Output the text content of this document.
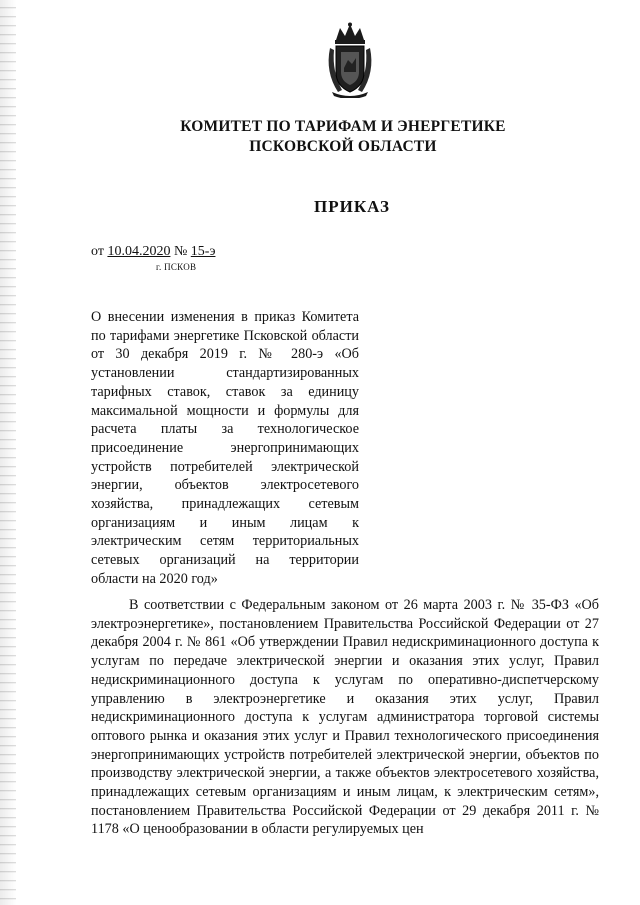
КОМИТЕТ ПО ТАРИФАМ И ЭНЕРГЕТИКЕ
ПСКОВСКОЙ ОБЛАСТИ
ПРИКАЗ
от 10.04.2020 № 15-э
г. ПСКОВ
О внесении изменения в приказ Комитета по тарифами энергетике Псковской области от 30 декабря 2019 г. № 280-э «Об установлении стандартизированных тарифных ставок, ставок за единицу максимальной мощности и формулы для расчета платы за технологическое присоединение энергопринимающих устройств потребителей электрической энергии, объектов электросетевого хозяйства, принадлежащих сетевым организациям и иным лицам к электрическим сетям территориальных сетевых организаций на территории области на 2020 год»
В соответствии с Федеральным законом от 26 марта 2003 г. № 35-ФЗ «Об электроэнергетике», постановлением Правительства Российской Федерации от 27 декабря 2004 г. № 861 «Об утверждении Правил недискриминационного доступа к услугам по передаче электрической энергии и оказания этих услуг, Правил недискриминационного доступа к услугам по оперативно-диспетчерскому управлению в электроэнергетике и оказания этих услуг, Правил недискриминационного доступа к услугам администратора торговой системы оптового рынка и оказания этих услуг и Правил технологического присоединения энергопринимающих устройств потребителей электрической энергии, объектов по производству электрической энергии, а также объектов электросетевого хозяйства, принадлежащих сетевым организациям и иным лицам, к электрическим сетям», постановлением Правительства Российской Федерации от 29 декабря 2011 г. № 1178 «О ценообразовании в области регулируемых цен
